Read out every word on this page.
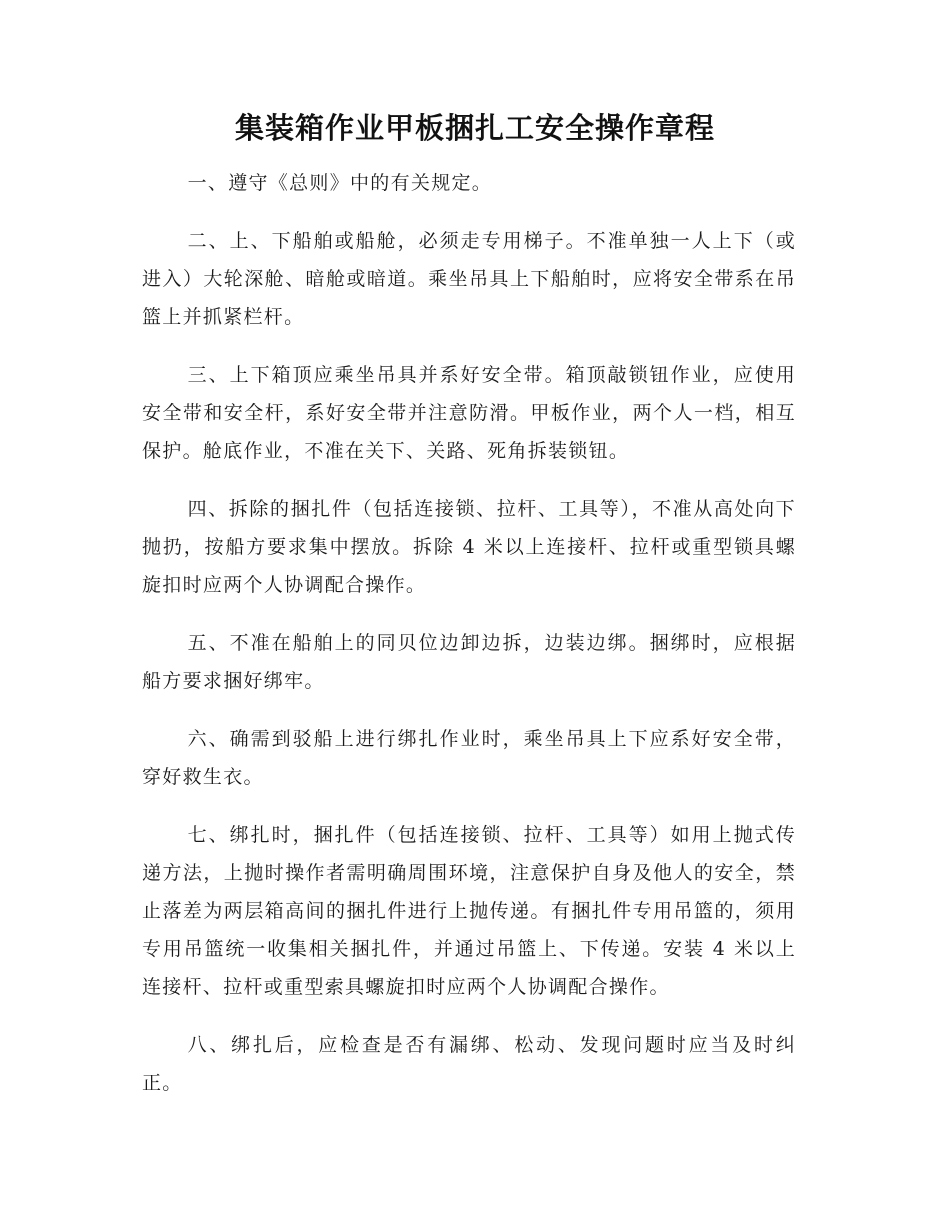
集装箱作业甲板捆扎工安全操作章程

一、遵守《总则》中的有关规定。

二、上、下船舶或船舱，必须走专用梯子。不准单独一人上下（或进入）大轮深舱、暗舱或暗道。乘坐吊具上下船舶时，应将安全带系在吊篮上并抓紧栏杆。

三、上下箱顶应乘坐吊具并系好安全带。箱顶敲锁钮作业，应使用安全带和安全杆，系好安全带并注意防滑。甲板作业，两个人一档，相互保护。舱底作业，不准在关下、关路、死角拆装锁钮。

四、拆除的捆扎件（包括连接锁、拉杆、工具等），不准从高处向下抛扔，按船方要求集中摆放。拆除 4 米以上连接杆、拉杆或重型锁具螺旋扣时应两个人协调配合操作。

五、不准在船舶上的同贝位边卸边拆，边装边绑。捆绑时，应根据船方要求捆好绑牢。

六、确需到驳船上进行绑扎作业时，乘坐吊具上下应系好安全带，穿好救生衣。

七、绑扎时，捆扎件（包括连接锁、拉杆、工具等）如用上抛式传递方法，上抛时操作者需明确周围环境，注意保护自身及他人的安全，禁止落差为两层箱高间的捆扎件进行上抛传递。有捆扎件专用吊篮的，须用专用吊篮统一收集相关捆扎件，并通过吊篮上、下传递。安装 4 米以上连接杆、拉杆或重型索具螺旋扣时应两个人协调配合操作。

八、绑扎后，应检查是否有漏绑、松动、发现问题时应当及时纠正。
